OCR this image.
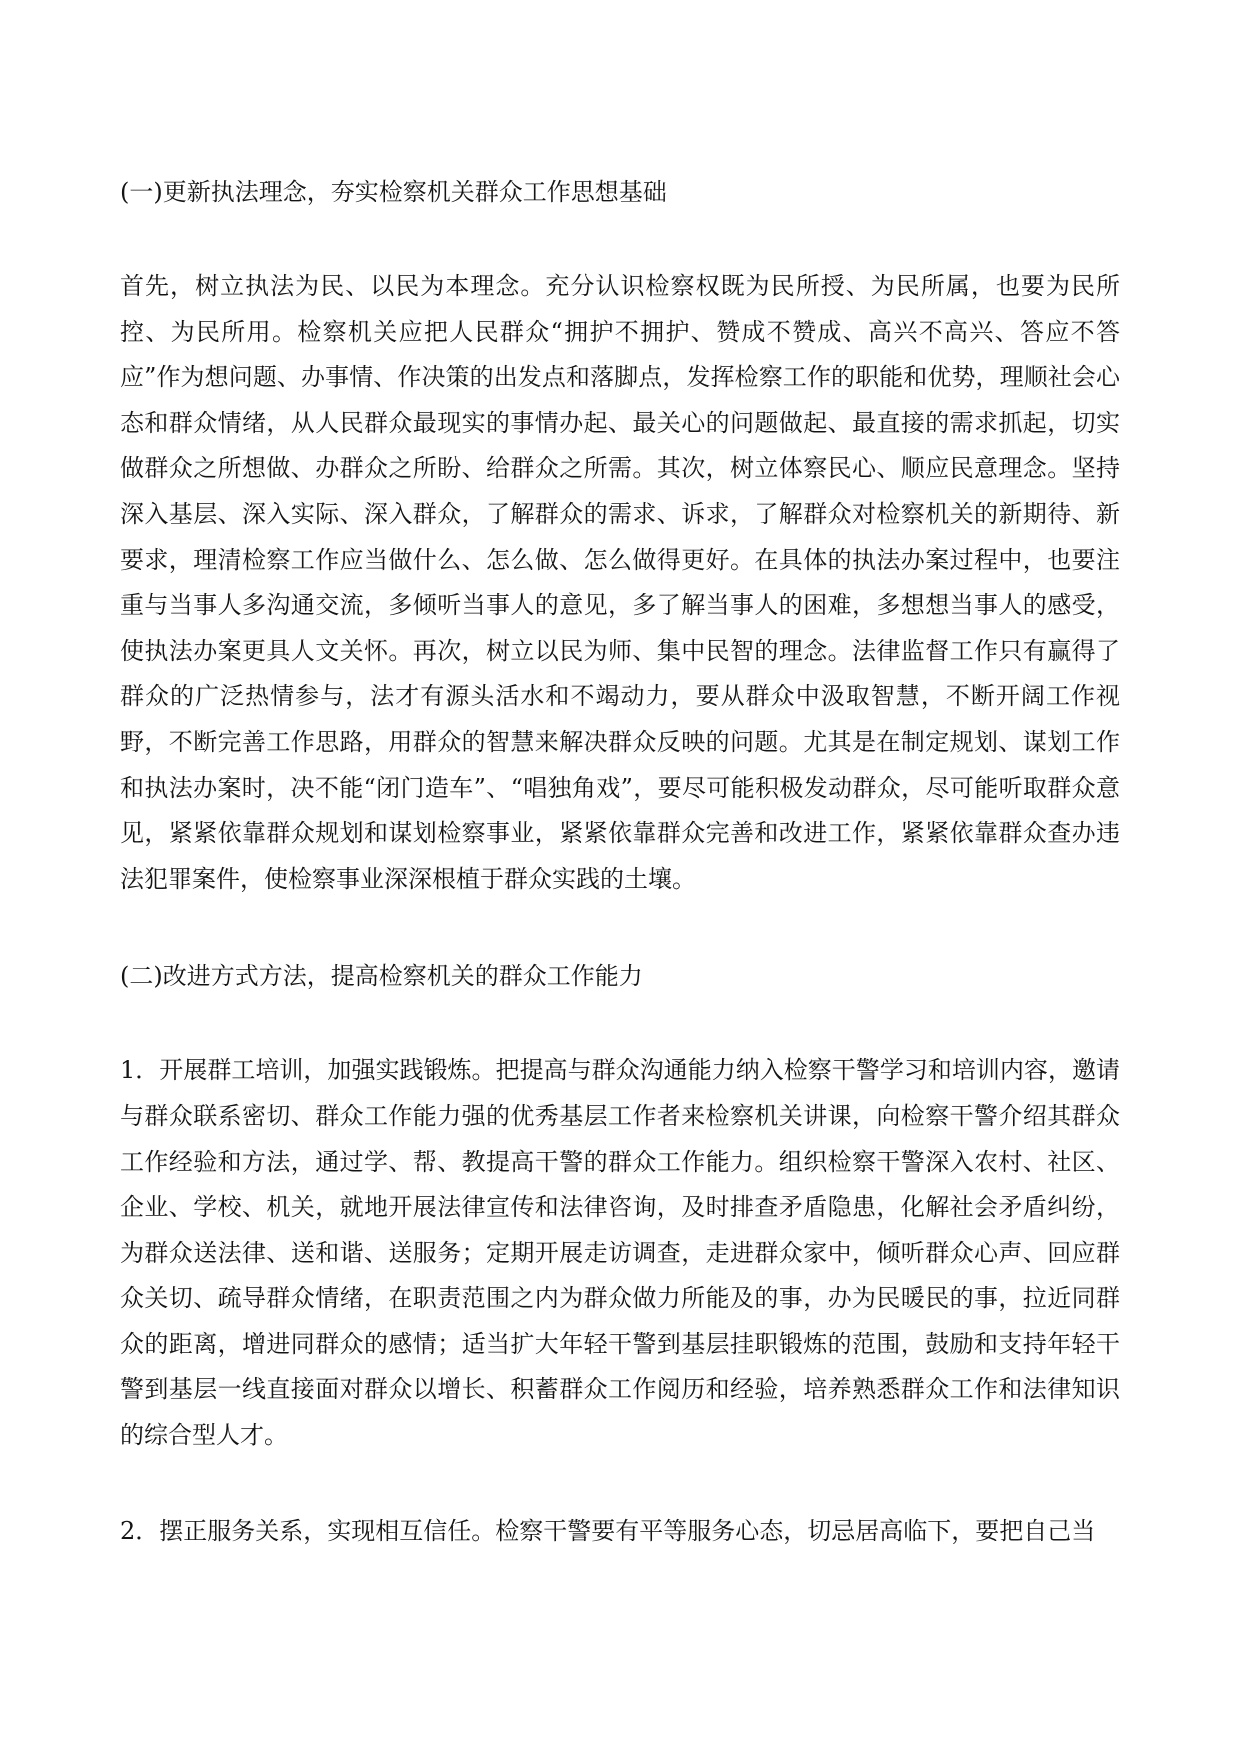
(一)更新执法理念，夯实检察机关群众工作思想基础

首先，树立执法为民、以民为本理念。充分认识检察权既为民所授、为民所属，也要为民所控、为民所用。检察机关应把人民群众“拥护不拥护、赞成不赞成、高兴不高兴、答应不答应”作为想问题、办事情、作决策的出发点和落脚点，发挥检察工作的职能和优势，理顺社会心态和群众情绪，从人民群众最现实的事情办起、最关心的问题做起、最直接的需求抓起，切实做群众之所想做、办群众之所盼、给群众之所需。其次，树立体察民心、顺应民意理念。坚持深入基层、深入实际、深入群众，了解群众的需求、诉求，了解群众对检察机关的新期待、新要求，理清检察工作应当做什么、怎么做、怎么做得更好。在具体的执法办案过程中，也要注重与当事人多沟通交流，多倾听当事人的意见，多了解当事人的困难，多想想当事人的感受，使执法办案更具人文关怀。再次，树立以民为师、集中民智的理念。法律监督工作只有赢得了群众的广泛热情参与，法才有源头活水和不竭动力，要从群众中汲取智慧，不断开阔工作视野，不断完善工作思路，用群众的智慧来解决群众反映的问题。尤其是在制定规划、谋划工作和执法办案时，决不能“闭门造车”、“唱独角戏”，要尽可能积极发动群众，尽可能听取群众意见，紧紧依靠群众规划和谋划检察事业，紧紧依靠群众完善和改进工作，紧紧依靠群众查办违法犯罪案件，使检察事业深深根植于群众实践的土壤。

(二)改进方式方法，提高检察机关的群众工作能力

1．开展群工培训，加强实践锻炼。把提高与群众沟通能力纳入检察干警学习和培训内容，邀请与群众联系密切、群众工作能力强的优秀基层工作者来检察机关讲课，向检察干警介绍其群众工作经验和方法，通过学、帮、教提高干警的群众工作能力。组织检察干警深入农村、社区、企业、学校、机关，就地开展法律宣传和法律咨询，及时排查矛盾隐患，化解社会矛盾纠纷，为群众送法律、送和谐、送服务；定期开展走访调查，走进群众家中，倾听群众心声、回应群众关切、疏导群众情绪，在职责范围之内为群众做力所能及的事，办为民暖民的事，拉近同群众的距离，增进同群众的感情；适当扩大年轻干警到基层挂职锻炼的范围，鼓励和支持年轻干警到基层一线直接面对群众以增长、积蓄群众工作阅历和经验，培养熟悉群众工作和法律知识的综合型人才。

2．摆正服务关系，实现相互信任。检察干警要有平等服务心态，切忌居高临下，要把自己当
